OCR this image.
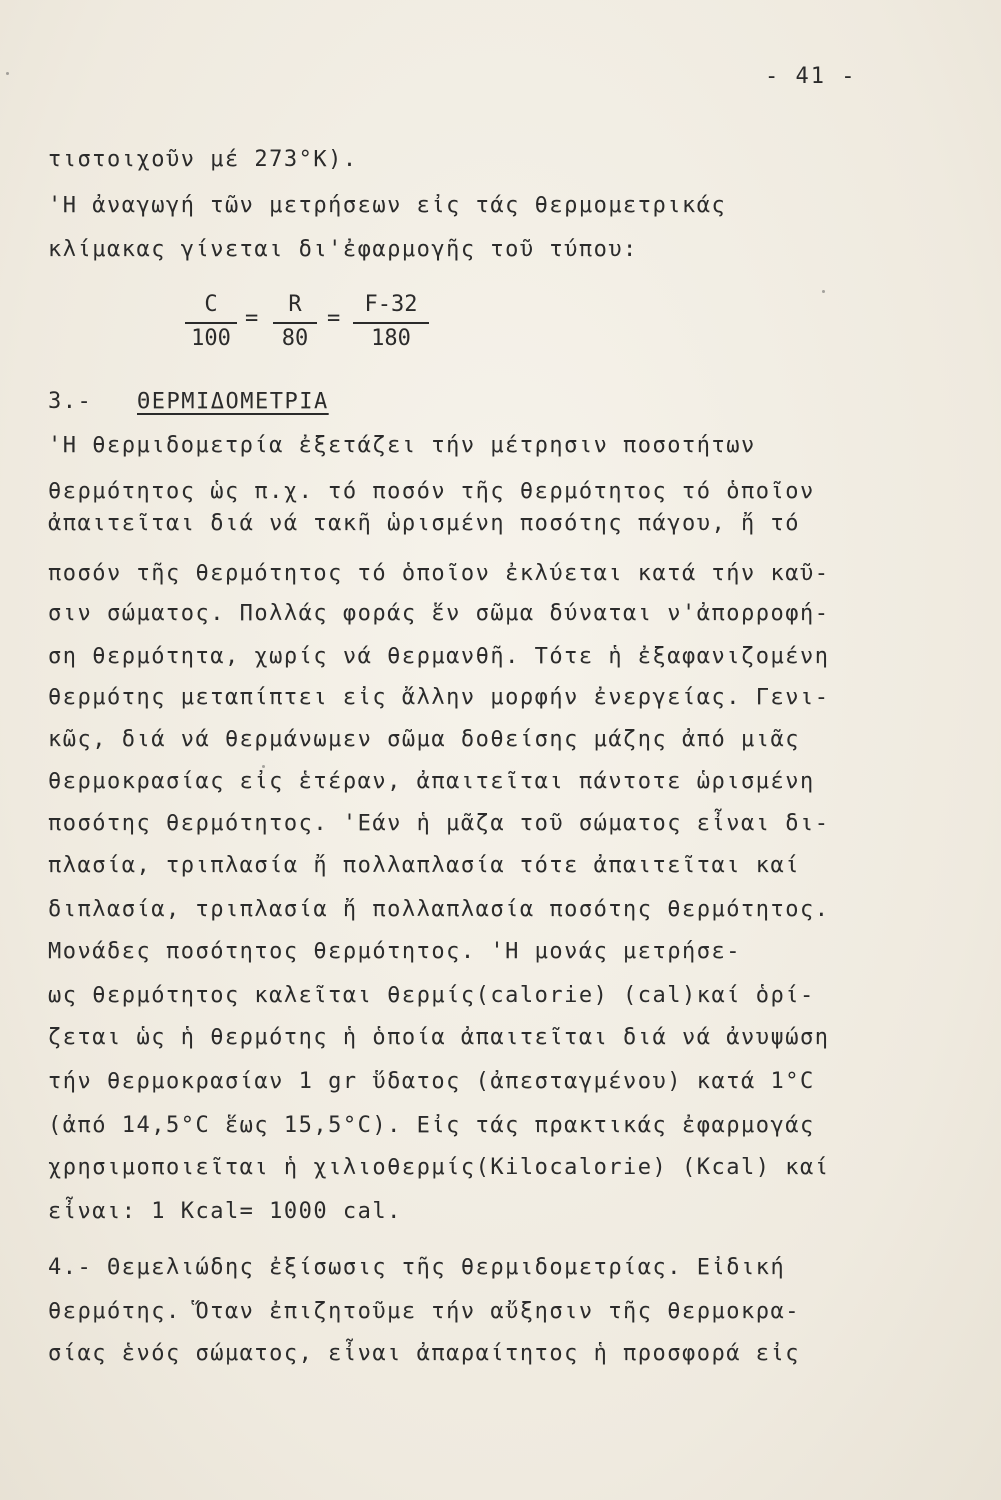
- 41 -
τιστοιχοῦν μέ 273°Κ).
'Η ἀναγωγή τῶν μετρήσεων εἰς τάς θερμομετρικάς
κλίμακας γίνεται δι'ἐφαρμογῆς τοῦ τύπου:
C
100
=
R
80
=
F-32
180
3.- ΘΕΡΜΙΔΟΜΕΤΡΙΑ
'Η θερμιδομετρία ἐξετάζει τήν μέτρησιν ποσοτήτων
θερμότητος ὡς π.χ. τό ποσόν τῆς θερμότητος τό ὁποῖον
ἀπαιτεῖται διά νά τακῆ ὡρισμένη ποσότης πάγου, ἤ τό
ποσόν τῆς θερμότητος τό ὁποῖον ἐκλύεται κατά τήν καῦ-
σιν σώματος. Πολλάς φοράς ἕν σῶμα δύναται ν'ἀπορροφή-
ση θερμότητα, χωρίς νά θερμανθῆ. Τότε ἡ ἐξαφανιζομένη
θερμότης μεταπίπτει εἰς ἄλλην μορφήν ἐνεργείας. Γενι-
κῶς, διά νά θερμάνωμεν σῶμα δοθείσης μάζης ἀπό μιᾶς
θερμοκρασίας εἰς ἑτέραν, ἀπαιτεῖται πάντοτε ὡρισμένη
ποσότης θερμότητος. 'Εάν ἡ μᾶζα τοῦ σώματος εἶναι δι-
πλασία, τριπλασία ἤ πολλαπλασία τότε ἀπαιτεῖται καί
διπλασία, τριπλασία ἤ πολλαπλασία ποσότης θερμότητος.
Μονάδες ποσότητος θερμότητος. 'Η μονάς μετρήσε-
ως θερμότητος καλεῖται θερμίς(calorie) (cal)καί ὁρί-
ζεται ὡς ἡ θερμότης ἡ ὁποία ἀπαιτεῖται διά νά ἀνυψώση
τήν θερμοκρασίαν 1 gr ὕδατος (ἀπεσταγμένου) κατά 1°C
(ἀπό 14,5°C ἕως 15,5°C). Εἰς τάς πρακτικάς ἐφαρμογάς
χρησιμοποιεῖται ἡ χιλιοθερμίς(Kilocalorie) (Kcal) καί
εἶναι: 1 Kcal= 1000 cal.
4.- Θεμελιώδης ἐξίσωσις τῆς θερμιδομετρίας. Εἰδική
θερμότης. Ὅταν ἐπιζητοῦμε τήν αὔξησιν τῆς θερμοκρα-
σίας ἑνός σώματος, εἶναι ἀπαραίτητος ἡ προσφορά εἰς
